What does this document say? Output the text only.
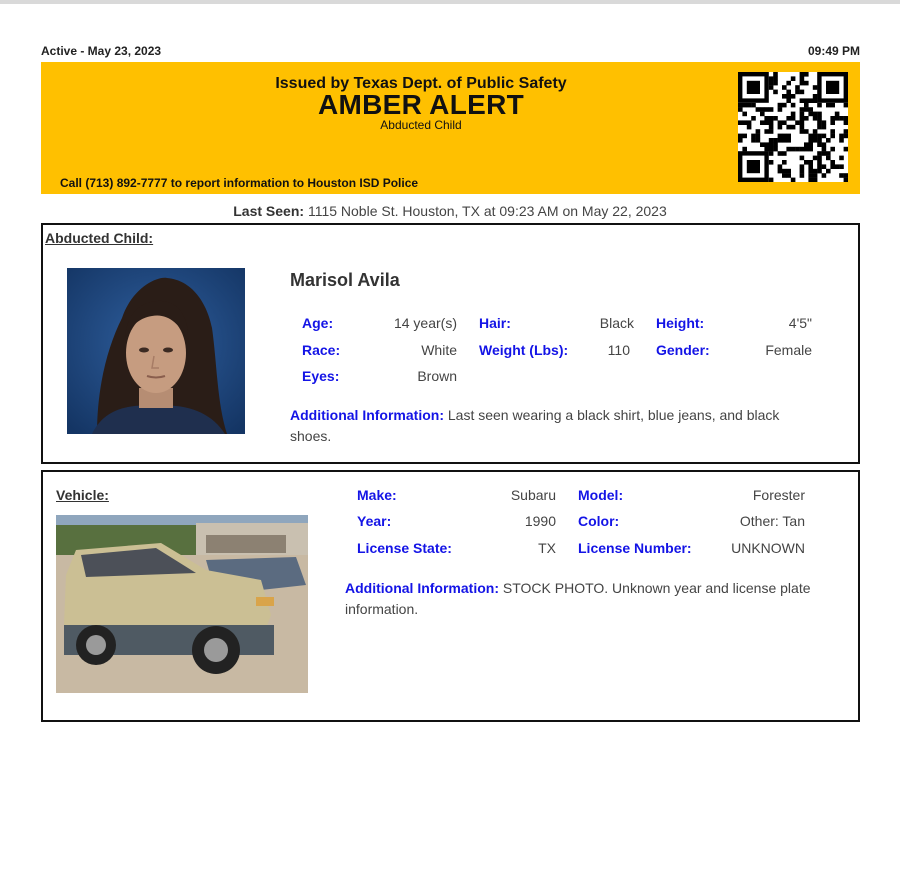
Active - May 23, 2023	09:49 PM
Issued by Texas Dept. of Public Safety
AMBER ALERT
Abducted Child
Call (713) 892-7777 to report information to Houston ISD Police
Last Seen: 1115 Noble St. Houston, TX at 09:23 AM on May 22, 2023
Abducted Child:
Marisol Avila
Age:	14 year(s) Hair:	Black Height:	4'5"
Race:	White Weight (Lbs):	110 Gender:	Female
Eyes:	Brown
Additional Information: Last seen wearing a black shirt, blue jeans, and black shoes.
Vehicle:	Make:	Subaru Model:	Forester
Year:	1990 Color:	Other: Tan
License State:	TX License Number:	UNKNOWN
Additional Information: STOCK PHOTO. Unknown year and license plate information.
